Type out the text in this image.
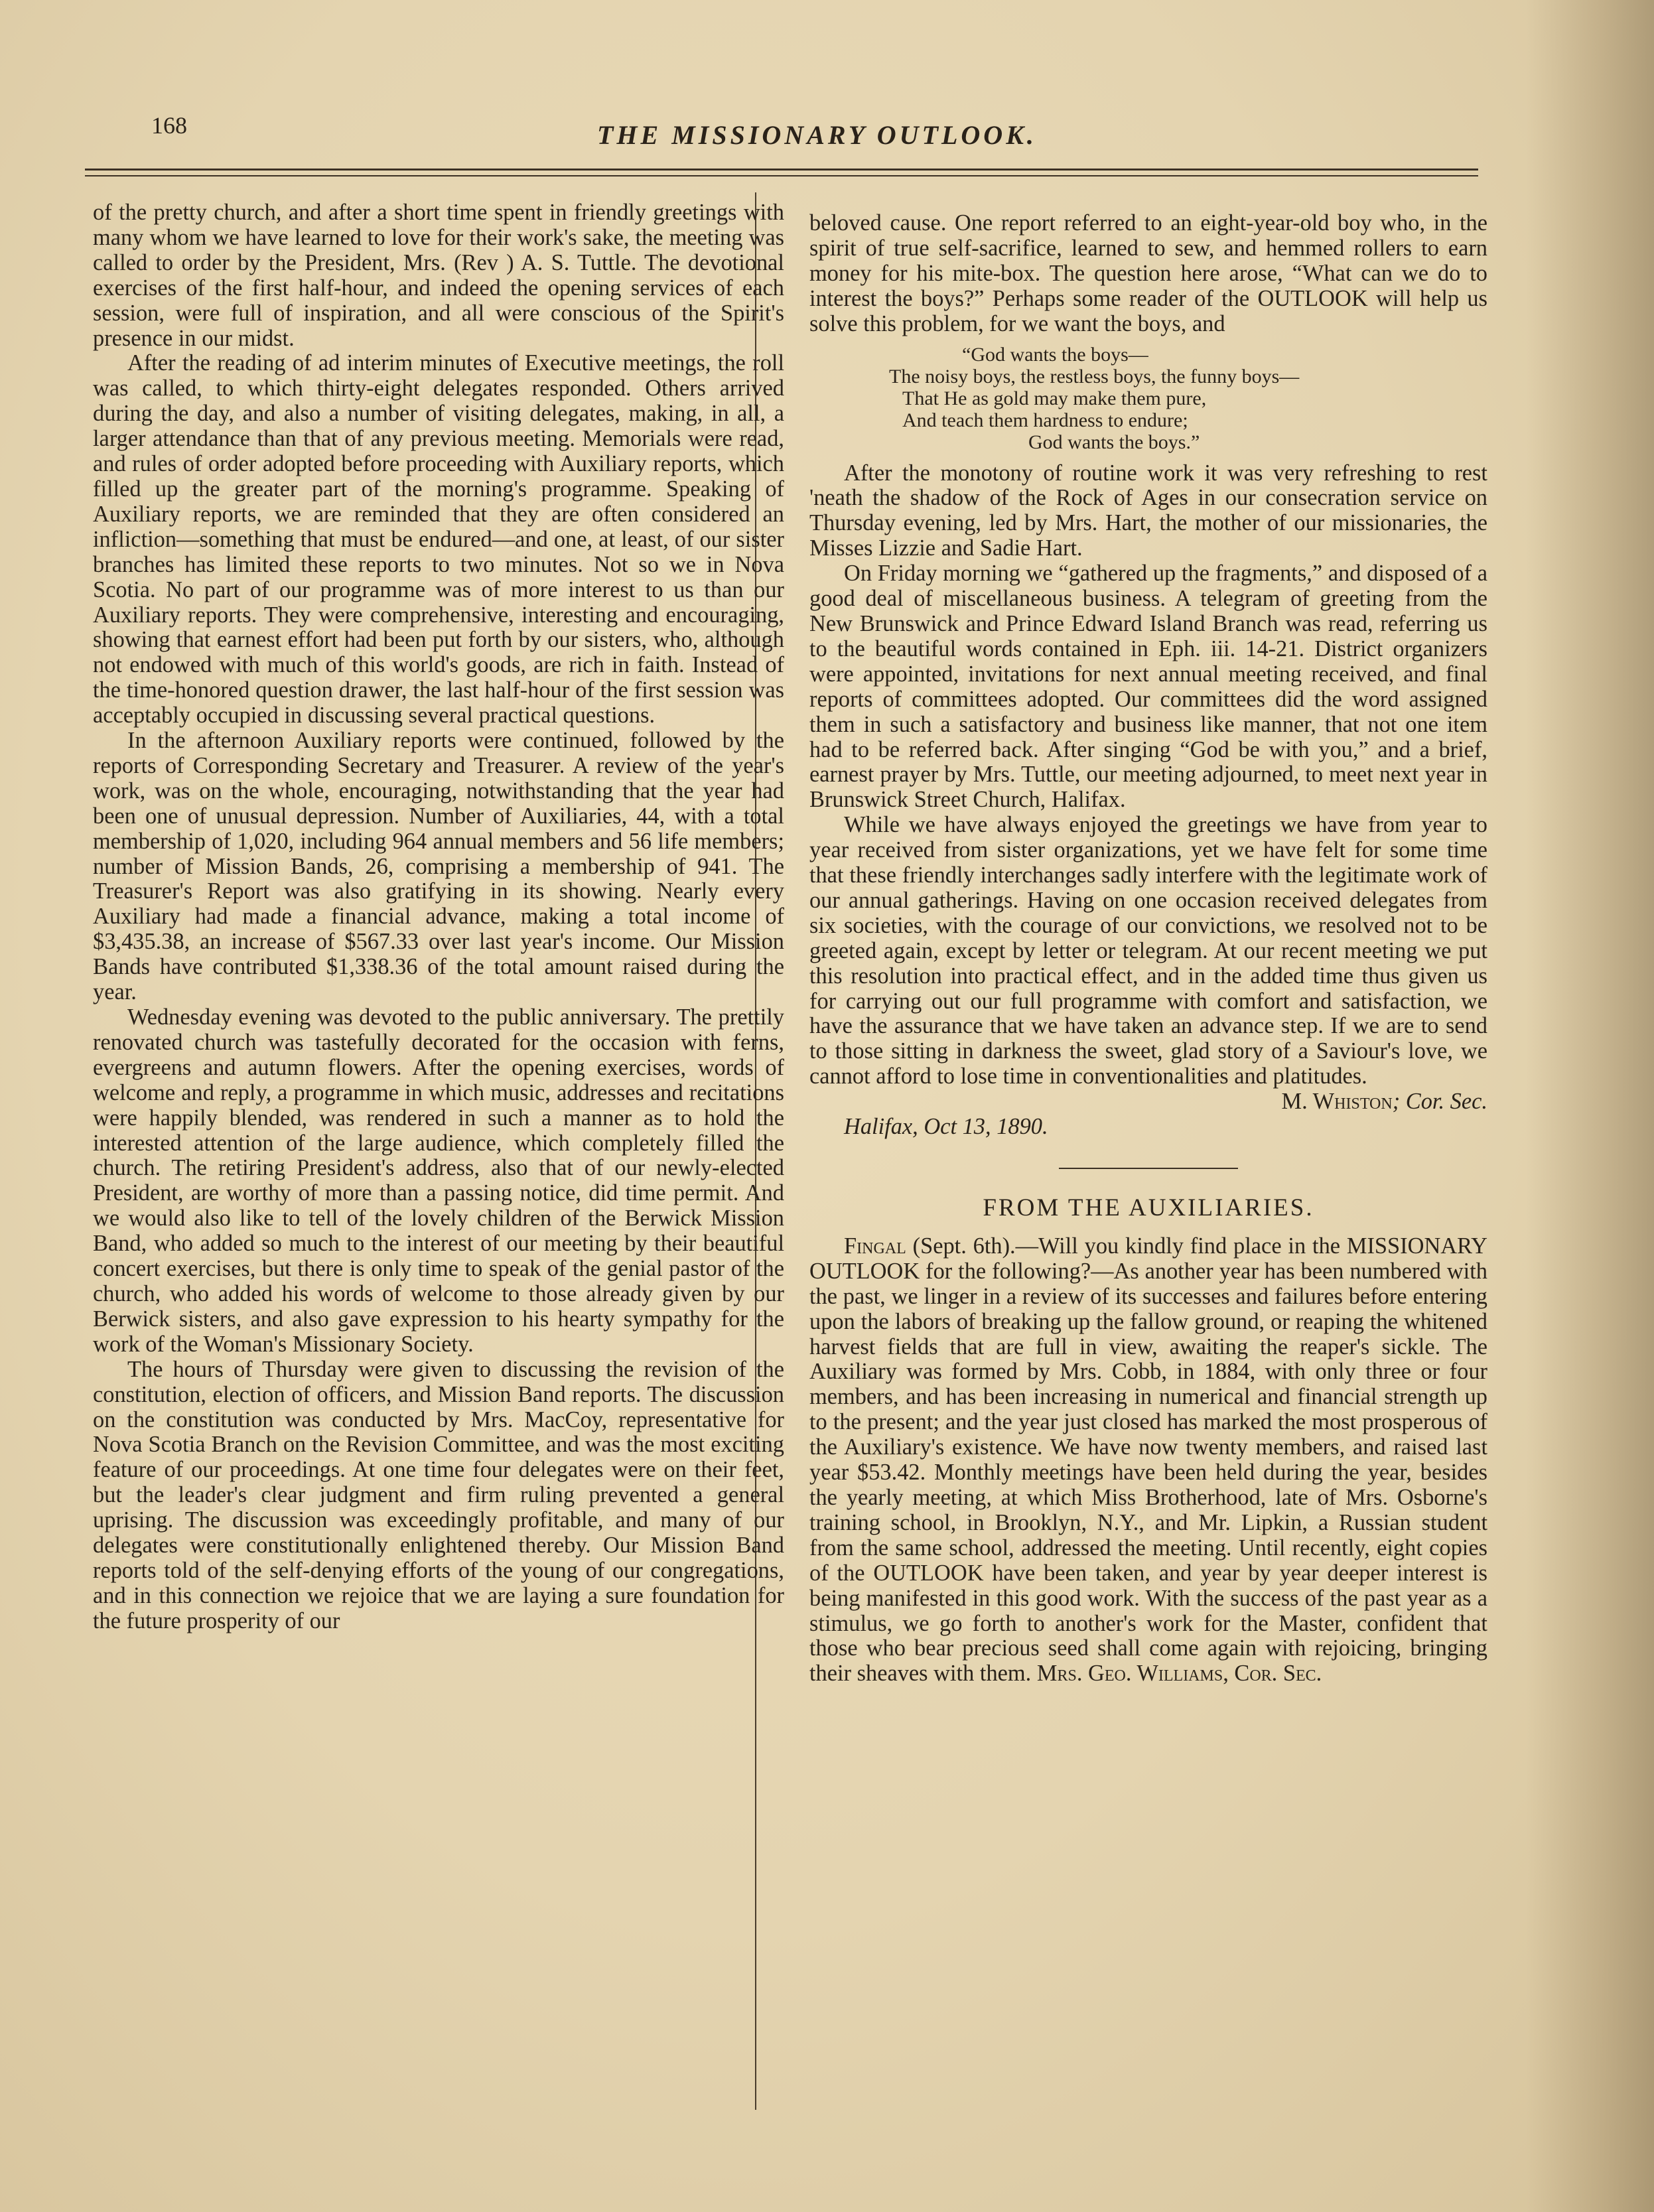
168	THE MISSIONARY OUTLOOK.

of the pretty church, and after a short time spent in friendly greetings with many whom we have learned to love for their work's sake, the meeting was called to order by the President, Mrs. (Rev ) A. S. Tuttle. The devotional exercises of the first half-hour, and indeed the opening services of each session, were full of inspiration, and all were conscious of the Spirit's presence in our midst.

After the reading of ad interim minutes of Executive meetings, the roll was called, to which thirty-eight delegates responded. Others arrived during the day, and also a number of visiting delegates, making, in all, a larger attendance than that of any previous meeting. Memorials were read, and rules of order adopted before proceeding with Auxiliary reports, which filled up the greater part of the morning's programme. Speaking of Auxiliary reports, we are reminded that they are often considered an infliction—something that must be endured—and one, at least, of our sister branches has limited these reports to two minutes. Not so we in Nova Scotia. No part of our programme was of more interest to us than our Auxiliary reports. They were comprehensive, interesting and encouraging, showing that earnest effort had been put forth by our sisters, who, although not endowed with much of this world's goods, are rich in faith. Instead of the time-honored question drawer, the last half-hour of the first session was acceptably occupied in discussing several practical questions.

In the afternoon Auxiliary reports were continued, followed by the reports of Corresponding Secretary and Treasurer. A review of the year's work, was on the whole, encouraging, notwithstanding that the year had been one of unusual depression. Number of Auxiliaries, 44, with a total membership of 1,020, including 964 annual members and 56 life members; number of Mission Bands, 26, comprising a membership of 941. The Treasurer's Report was also gratifying in its showing. Nearly every Auxiliary had made a financial advance, making a total income of $3,435.38, an increase of $567.33 over last year's income. Our Mission Bands have contributed $1,338.36 of the total amount raised during the year.

Wednesday evening was devoted to the public anniversary. The prettily renovated church was tastefully decorated for the occasion with ferns, evergreens and autumn flowers. After the opening exercises, words of welcome and reply, a programme in which music, addresses and recitations were happily blended, was rendered in such a manner as to hold the interested attention of the large audience, which completely filled the church. The retiring President's address, also that of our newly-elected President, are worthy of more than a passing notice, did time permit. And we would also like to tell of the lovely children of the Berwick Mission Band, who added so much to the interest of our meeting by their beautiful concert exercises, but there is only time to speak of the genial pastor of the church, who added his words of welcome to those already given by our Berwick sisters, and also gave expression to his hearty sympathy for the work of the Woman's Missionary Society.

The hours of Thursday were given to discussing the revision of the constitution, election of officers, and Mission Band reports. The discussion on the constitution was conducted by Mrs. MacCoy, representative for Nova Scotia Branch on the Revision Committee, and was the most exciting feature of our proceedings. At one time four delegates were on their feet, but the leader's clear judgment and firm ruling prevented a general uprising. The discussion was exceedingly profitable, and many of our delegates were constitutionally enlightened thereby. Our Mission Band reports told of the self-denying efforts of the young of our congregations, and in this connection we rejoice that we are laying a sure foundation for the future prosperity of our

beloved cause. One report referred to an eight-year-old boy who, in the spirit of true self-sacrifice, learned to sew, and hemmed rollers to earn money for his mite-box. The question here arose, “What can we do to interest the boys?” Perhaps some reader of the OUTLOOK will help us solve this problem, for we want the boys, and

“God wants the boys—
The noisy boys, the restless boys, the funny boys—
That He as gold may make them pure,
And teach them hardness to endure;
God wants the boys.”

After the monotony of routine work it was very refreshing to rest 'neath the shadow of the Rock of Ages in our consecration service on Thursday evening, led by Mrs. Hart, the mother of our missionaries, the Misses Lizzie and Sadie Hart.

On Friday morning we “gathered up the fragments,” and disposed of a good deal of miscellaneous business. A telegram of greeting from the New Brunswick and Prince Edward Island Branch was read, referring us to the beautiful words contained in Eph. iii. 14-21. District organizers were appointed, invitations for next annual meeting received, and final reports of committees adopted. Our committees did the word assigned them in such a satisfactory and business like manner, that not one item had to be referred back. After singing “God be with you,” and a brief, earnest prayer by Mrs. Tuttle, our meeting adjourned, to meet next year in Brunswick Street Church, Halifax.

While we have always enjoyed the greetings we have from year to year received from sister organizations, yet we have felt for some time that these friendly interchanges sadly interfere with the legitimate work of our annual gatherings. Having on one occasion received delegates from six societies, with the courage of our convictions, we resolved not to be greeted again, except by letter or telegram. At our recent meeting we put this resolution into practical effect, and in the added time thus given us for carrying out our full programme with comfort and satisfaction, we have the assurance that we have taken an advance step. If we are to send to those sitting in darkness the sweet, glad story of a Saviour's love, we cannot afford to lose time in conventionalities and platitudes.

M. Whiston; Cor. Sec.

Halifax, Oct 13, 1890.

FROM THE AUXILIARIES.

Fingal (Sept. 6th).—Will you kindly find place in the MISSIONARY OUTLOOK for the following?—As another year has been numbered with the past, we linger in a review of its successes and failures before entering upon the labors of breaking up the fallow ground, or reaping the whitened harvest fields that are full in view, awaiting the reaper's sickle. The Auxiliary was formed by Mrs. Cobb, in 1884, with only three or four members, and has been increasing in numerical and financial strength up to the present; and the year just closed has marked the most prosperous of the Auxiliary's existence. We have now twenty members, and raised last year $53.42. Monthly meetings have been held during the year, besides the yearly meeting, at which Miss Brotherhood, late of Mrs. Osborne's training school, in Brooklyn, N.Y., and Mr. Lipkin, a Russian student from the same school, addressed the meeting. Until recently, eight copies of the OUTLOOK have been taken, and year by year deeper interest is being manifested in this good work. With the success of the past year as a stimulus, we go forth to another's work for the Master, confident that those who bear precious seed shall come again with rejoicing, bringing their sheaves with them. Mrs. Geo. Williams, Cor. Sec.
